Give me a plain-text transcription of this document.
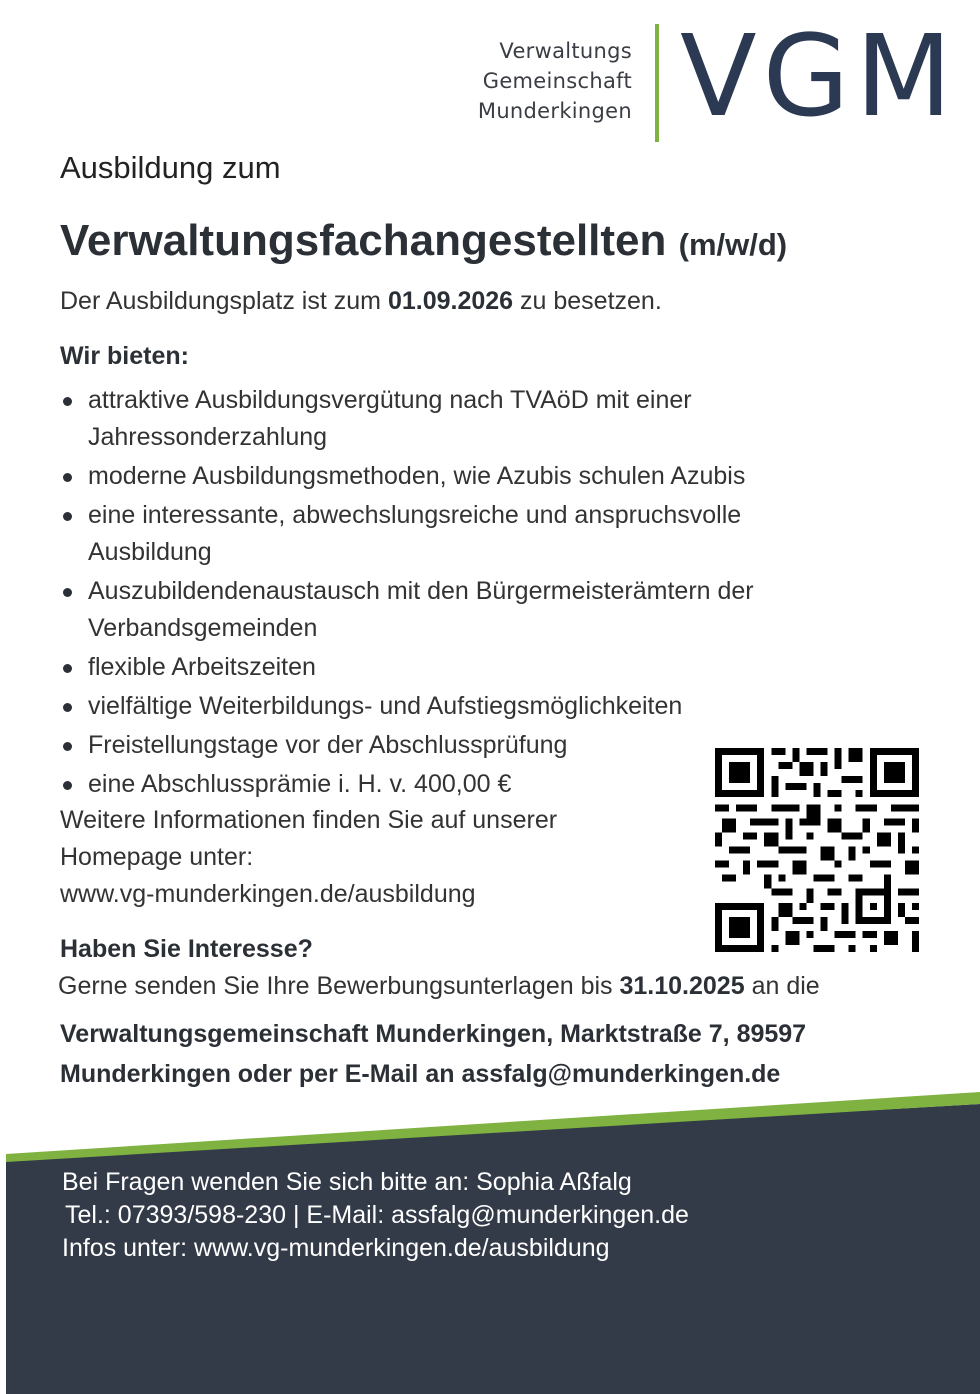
Verwaltungs
Gemeinschaft
Munderkingen VGM
Ausbildung zum
Verwaltungsfachangestellten (m/w/d)
Der Ausbildungsplatz ist zum 01.09.2026 zu besetzen.
Wir bieten:
attraktive Ausbildungsvergütung nach TVAöD mit einer Jahressonderzahlung
moderne Ausbildungsmethoden, wie Azubis schulen Azubis
eine interessante, abwechslungsreiche und anspruchsvolle Ausbildung
Auszubildendenaustausch mit den Bürgermeisterämtern der Verbandsgemeinden
flexible Arbeitszeiten
vielfältige Weiterbildungs- und Aufstiegsmöglichkeiten
Freistellungstage vor der Abschlussprüfung
eine Abschlussprämie i. H. v. 400,00 €
Weitere Informationen finden Sie auf unserer
Homepage unter:
www.vg-munderkingen.de/ausbildung
Haben Sie Interesse?
Gerne senden Sie Ihre Bewerbungsunterlagen bis 31.10.2025 an die
Verwaltungsgemeinschaft Munderkingen, Marktstraße 7, 89597
Munderkingen oder per E-Mail an assfalg@munderkingen.de
Bei Fragen wenden Sie sich bitte an: Sophia Aßfalg
Tel.: 07393/598-230 | E-Mail: assfalg@munderkingen.de
Infos unter: www.vg-munderkingen.de/ausbildung
